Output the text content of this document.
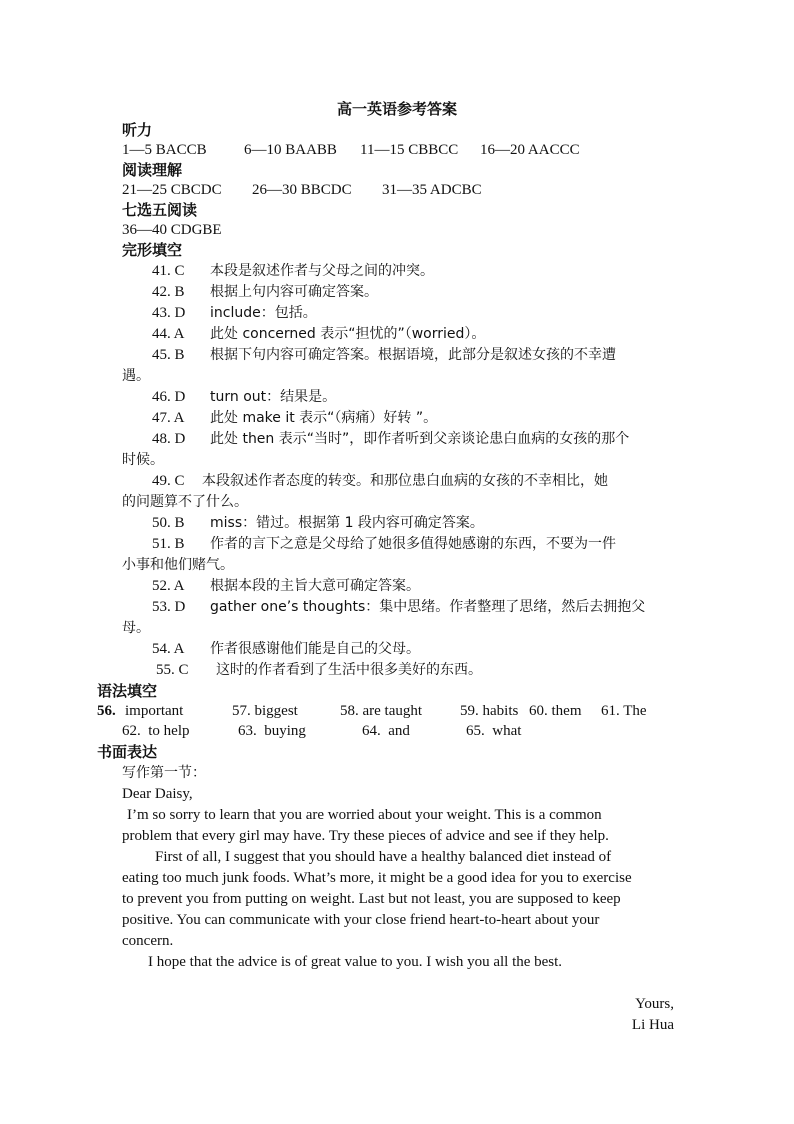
高一英语参考答案
听力
1—5 BACCB 6—10 BAABB 11—15 CBBCC 16—20 AACCC
阅读理解
21—25 CBCDC 26—30 BBCDC 31—35 ADCBC
七选五阅读
36—40 CDGBE
完形填空
41. C 本段是叙述作者与父母之间的冲突。
42. B 根据上句内容可确定答案。
43. D include：包括。
44. A 此处 concerned 表示“担忧的”（worried）。
45. B 根据下句内容可确定答案。根据语境，此部分是叙述女孩的不幸遭
遇。
46. D turn out：结果是。
47. A 此处 make it 表示“（病痛）好转 ”。
48. D 此处 then 表示“当时”，即作者听到父亲谈论患白血病的女孩的那个
时候。
49. C 本段叙述作者态度的转变。和那位患白血病的女孩的不幸相比，她
的问题算不了什么。
50. B miss：错过。根据第 1 段内容可确定答案。
51. B 作者的言下之意是父母给了她很多值得她感谢的东西，不要为一件
小事和他们赌气。
52. A 根据本段的主旨大意可确定答案。
53. D gather one’s thoughts：集中思绪。作者整理了思绪，然后去拥抱父
母。
54. A 作者很感谢他们能是自己的父母。
55. C 这时的作者看到了生活中很多美好的东西。
语法填空
56. important	57. biggest	58. are taught	59. habits 60. them 61. The
62.  to help	63.  buying	64.  and	65.  what
书面表达
写作第一节：
Dear Daisy,
I’m so sorry to learn that you are worried about your weight. This is a common
problem that every girl may have. Try these pieces of advice and see if they help.
First of all, I suggest that you should have a healthy balanced diet instead of
eating too much junk foods. What’s more, it might be a good idea for you to exercise
to prevent you from putting on weight. Last but not least, you are supposed to keep
positive. You can communicate with your close friend heart-to-heart about your
concern.
I hope that the advice is of great value to you. I wish you all the best.
Yours,
Li Hua
